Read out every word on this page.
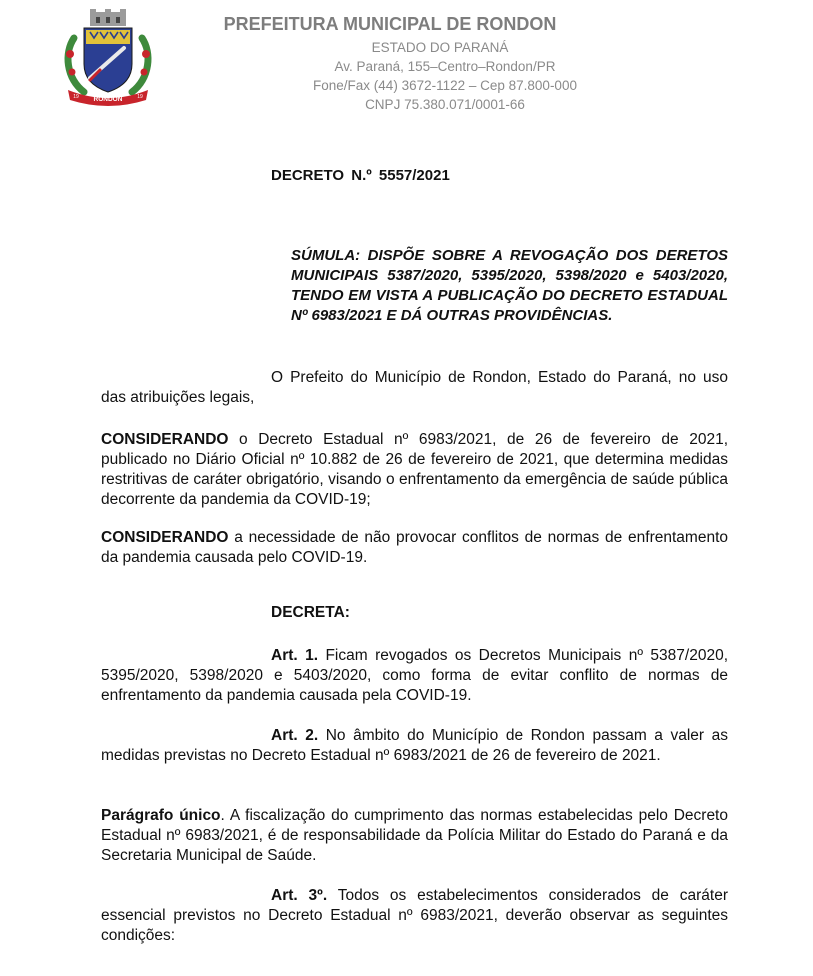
RONDON
19	19
PREFEITURA MUNICIPAL DE RONDON
ESTADO DO PARANÁ
Av. Paraná, 155–Centro–Rondon/PR
Fone/Fax (44) 3672-1122 – Cep 87.800-000
CNPJ 75.380.071/0001-66
DECRETO N.º 5557/2021
SÚMULA: DISPÕE SOBRE A REVOGAÇÃO DOS DERETOS MUNICIPAIS 5387/2020, 5395/2020, 5398/2020 e 5403/2020, TENDO EM VISTA A PUBLICAÇÃO DO DECRETO ESTADUAL Nº 6983/2021 E DÁ OUTRAS PROVIDÊNCIAS.
O Prefeito do Município de Rondon, Estado do Paraná, no uso das atribuições legais,
CONSIDERANDO o Decreto Estadual nº 6983/2021, de 26 de fevereiro de 2021, publicado no Diário Oficial nº 10.882 de 26 de fevereiro de 2021, que determina medidas restritivas de caráter obrigatório, visando o enfrentamento da emergência de saúde pública decorrente da pandemia da COVID-19;
CONSIDERANDO a necessidade de não provocar conflitos de normas de enfrentamento da pandemia causada pelo COVID-19.
DECRETA:
Art. 1. Ficam revogados os Decretos Municipais nº 5387/2020, 5395/2020, 5398/2020 e 5403/2020, como forma de evitar conflito de normas de enfrentamento da pandemia causada pela COVID-19.
Art. 2. No âmbito do Município de Rondon passam a valer as medidas previstas no Decreto Estadual nº 6983/2021 de 26 de fevereiro de 2021.
Parágrafo único. A fiscalização do cumprimento das normas estabelecidas pelo Decreto Estadual nº 6983/2021, é de responsabilidade da Polícia Militar do Estado do Paraná e da Secretaria Municipal de Saúde.
Art. 3º. Todos os estabelecimentos considerados de caráter essencial previstos no Decreto Estadual nº 6983/2021, deverão observar as seguintes condições:
